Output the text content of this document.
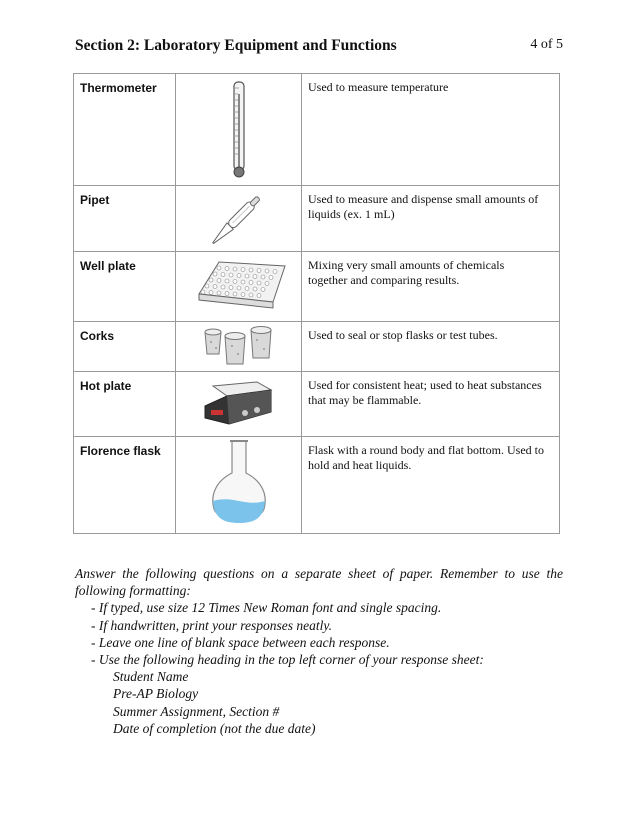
Section 2: Laboratory Equipment and Functions	4 of 5
Thermometer		Used to measure temperature
Pipet		Used to measure and dispense small amounts of liquids (ex. 1 mL)
Well plate		Mixing very small amounts of chemicals together and comparing results.
Corks		Used to seal or stop flasks or test tubes.
Hot plate		Used for consistent heat; used to heat substances that may be flammable.
Florence flask		Flask with a round body and flat bottom. Used to hold and heat liquids.
Answer the following questions on a separate sheet of paper. Remember to use the following formatting:
- If typed, use size 12 Times New Roman font and single spacing.
- If handwritten, print your responses neatly.
- Leave one line of blank space between each response.
- Use the following heading in the top left corner of your response sheet:
Student Name
Pre-AP Biology
Summer Assignment, Section #
Date of completion (not the due date)
